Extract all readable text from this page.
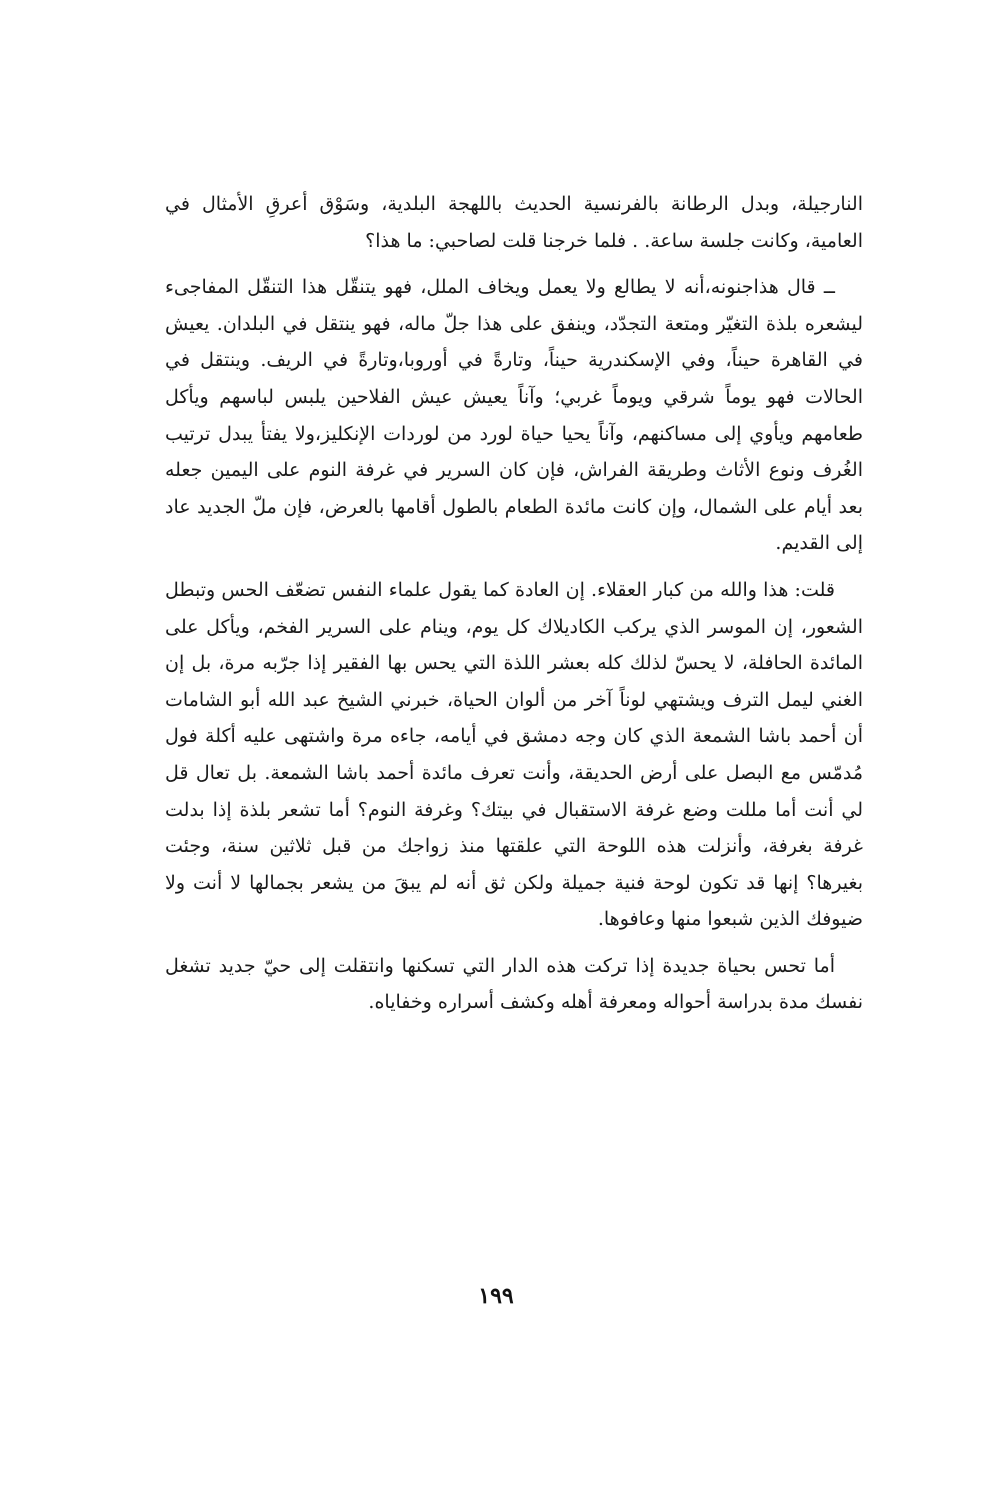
النارجيلة، وبدل الرطانة بالفرنسية الحديث باللهجة البلدية، وسَوْق أعرقِ الأمثال في العامية، وكانت جلسة ساعة. . فلما خرجنا قلت لصاحبي: ما هذا؟

ــ قال هذاجنونه،أنه لا يطالع ولا يعمل ويخاف الملل، فهو يتنقّل هذا التنقّل المفاجىء ليشعره بلذة التغيّر ومتعة التجدّد، وينفق على هذا جلّ ماله، فهو ينتقل في البلدان. يعيش في القاهرة حيناً، وفي الإسكندرية حيناً، وتارةً في أوروبا،وتارةً في الريف. وينتقل في الحالات فهو يوماً شرقي ويوماً غربي؛ وآناً يعيش عيش الفلاحين يلبس لباسهم ويأكل طعامهم ويأوي إلى مساكنهم، وآناً يحيا حياة لورد من لوردات الإنكليز،ولا يفتأ يبدل ترتيب الغُرف ونوع الأثاث وطريقة الفراش، فإن كان السرير في غرفة النوم على اليمين جعله بعد أيام على الشمال، وإن كانت مائدة الطعام بالطول أقامها بالعرض، فإن ملّ الجديد عاد إلى القديم.

قلت: هذا والله من كبار العقلاء. إن العادة كما يقول علماء النفس تضعّف الحس وتبطل الشعور، إن الموسر الذي يركب الكاديلاك كل يوم، وينام على السرير الفخم، ويأكل على المائدة الحافلة، لا يحسّ لذلك كله بعشر اللذة التي يحس بها الفقير إذا جرّبه مرة، بل إن الغني ليمل الترف ويشتهي لوناً آخر من ألوان الحياة، خبرني الشيخ عبد الله أبو الشامات أن أحمد باشا الشمعة الذي كان وجه دمشق في أيامه، جاءه مرة واشتهى عليه أكلة فول مُدمّس مع البصل على أرض الحديقة، وأنت تعرف مائدة أحمد باشا الشمعة. بل تعال قل لي أنت أما مللت وضع غرفة الاستقبال في بيتك؟ وغرفة النوم؟ أما تشعر بلذة إذا بدلت غرفة بغرفة، وأنزلت هذه اللوحة التي علقتها منذ زواجك من قبل ثلاثين سنة، وجئت بغيرها؟ إنها قد تكون لوحة فنية جميلة ولكن ثق أنه لم يبقَ من يشعر بجمالها لا أنت ولا ضيوفك الذين شبعوا منها وعافوها.

أما تحس بحياة جديدة إذا تركت هذه الدار التي تسكنها وانتقلت إلى حيّ جديد تشغل نفسك مدة بدراسة أحواله ومعرفة أهله وكشف أسراره وخفاياه.

١٩٩
